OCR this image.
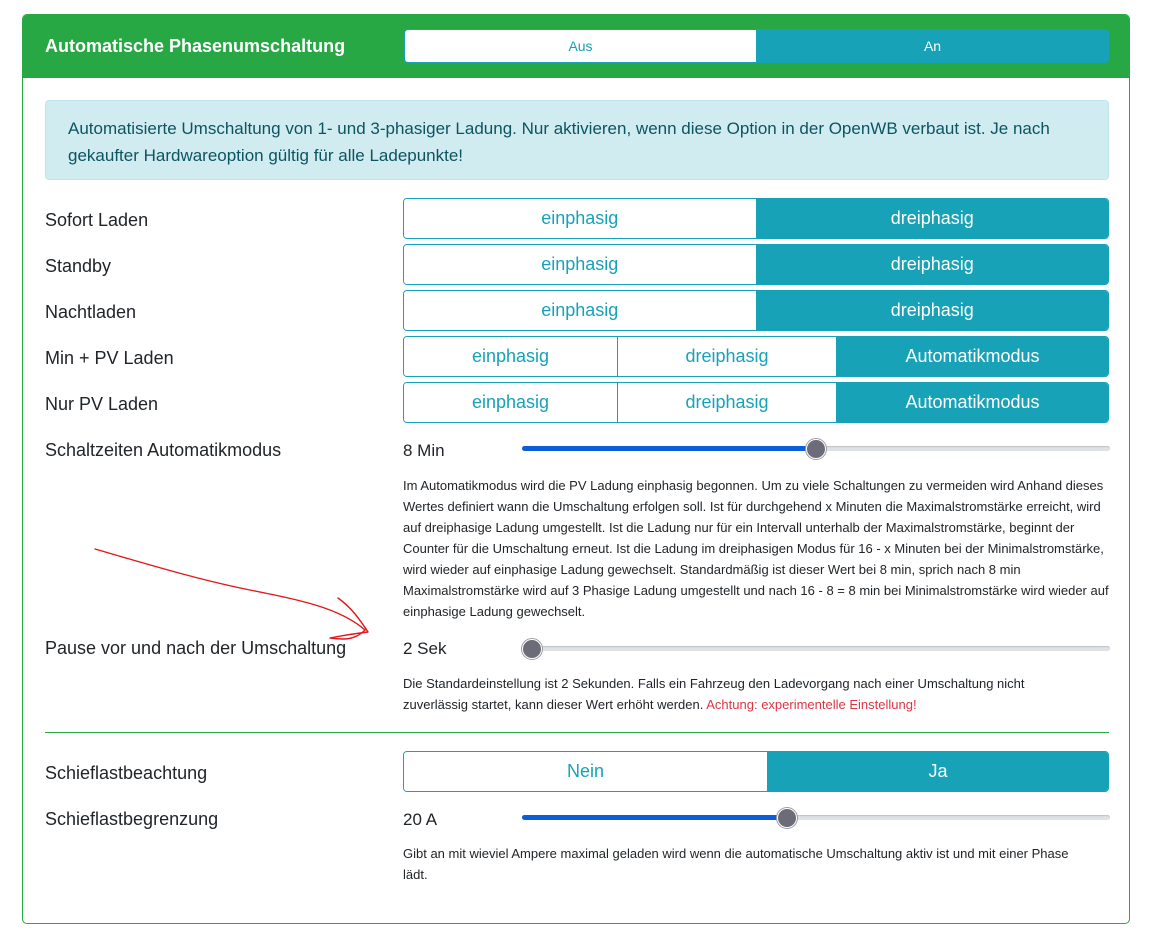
Automatische Phasenumschaltung	Aus	An
Automatisierte Umschaltung von 1- und 3-phasiger Ladung. Nur aktivieren, wenn diese Option in der OpenWB verbaut ist. Je nach gekaufter Hardwareoption gültig für alle Ladepunkte!
Sofort Laden	einphasig	dreiphasig
Standby	einphasig	dreiphasig
Nachtladen	einphasig	dreiphasig
Min + PV Laden	einphasig	dreiphasig	Automatikmodus
Nur PV Laden	einphasig	dreiphasig	Automatikmodus
Schaltzeiten Automatikmodus	8 Min
Im Automatikmodus wird die PV Ladung einphasig begonnen. Um zu viele Schaltungen zu vermeiden wird Anhand dieses Wertes definiert wann die Umschaltung erfolgen soll. Ist für durchgehend x Minuten die Maximalstromstärke erreicht, wird auf dreiphasige Ladung umgestellt. Ist die Ladung nur für ein Intervall unterhalb der Maximalstromstärke, beginnt der Counter für die Umschaltung erneut. Ist die Ladung im dreiphasigen Modus für 16 - x Minuten bei der Minimalstromstärke, wird wieder auf einphasige Ladung gewechselt. Standardmäßig ist dieser Wert bei 8 min, sprich nach 8 min Maximalstromstärke wird auf 3 Phasige Ladung umgestellt und nach 16 - 8 = 8 min bei Minimalstromstärke wird wieder auf einphasige Ladung gewechselt.
Pause vor und nach der Umschaltung	2 Sek
Die Standardeinstellung ist 2 Sekunden. Falls ein Fahrzeug den Ladevorgang nach einer Umschaltung nicht zuverlässig startet, kann dieser Wert erhöht werden. Achtung: experimentelle Einstellung!
Schieflastbeachtung	Nein	Ja
Schieflastbegrenzung	20 A
Gibt an mit wieviel Ampere maximal geladen wird wenn die automatische Umschaltung aktiv ist und mit einer Phase lädt.
